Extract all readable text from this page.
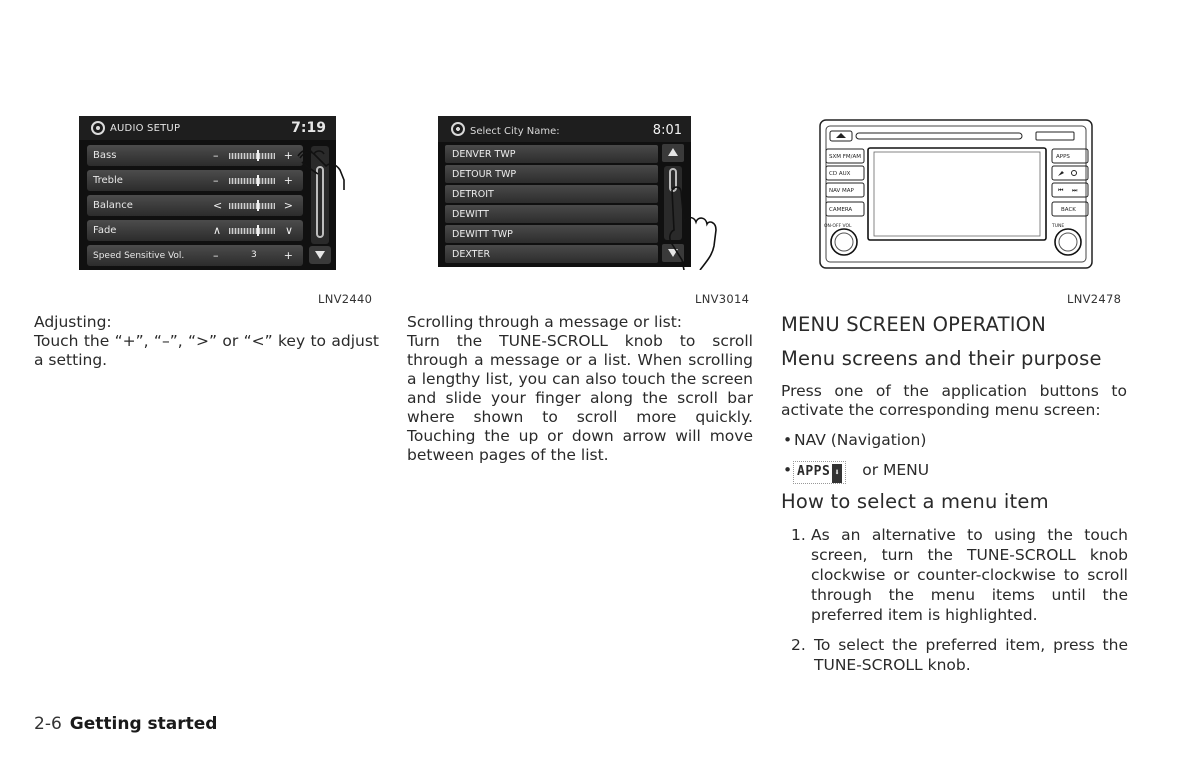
AUDIO SETUP	7:19
Bass	–	+
Treble	–	+
Balance	<	>
Fade	∧	∨
Speed Sensitive Vol.	–	3 +
Select City Name:	8:01
DENVER TWP
DETOUR TWP
DETROIT
DEWITT
DEWITT TWP
DEXTER
SXM FM/AM
CD AUX
NAV MAP
CAMERA
APPS
⏮ ⏭
BACK
ON·OFF VOL	TUNE
LNV2440	LNV3014	LNV2478
Adjusting:
Touch the “+”, “–”, “>” or “<” key to adjust a setting.
Scrolling through a message or list:
Turn the TUNE-SCROLL knob to scroll through a message or a list. When scrolling a lengthy list, you can also touch the screen and slide your finger along the scroll bar where shown to scroll more quickly. Touching the up or down arrow will move between pages of the list.
MENU SCREEN OPERATION
Menu screens and their purpose
Press one of the application buttons to activate the corresponding menu screen:
• NAV (Navigation)
• APPS ⬇ or MENU
How to select a menu item
1. As an alternative to using the touch screen, turn the TUNE-SCROLL knob clockwise or counter-clockwise to scroll through the menu items until the preferred item is highlighted.
2. To select the preferred item, press the TUNE-SCROLL knob.
2-6 Getting started
